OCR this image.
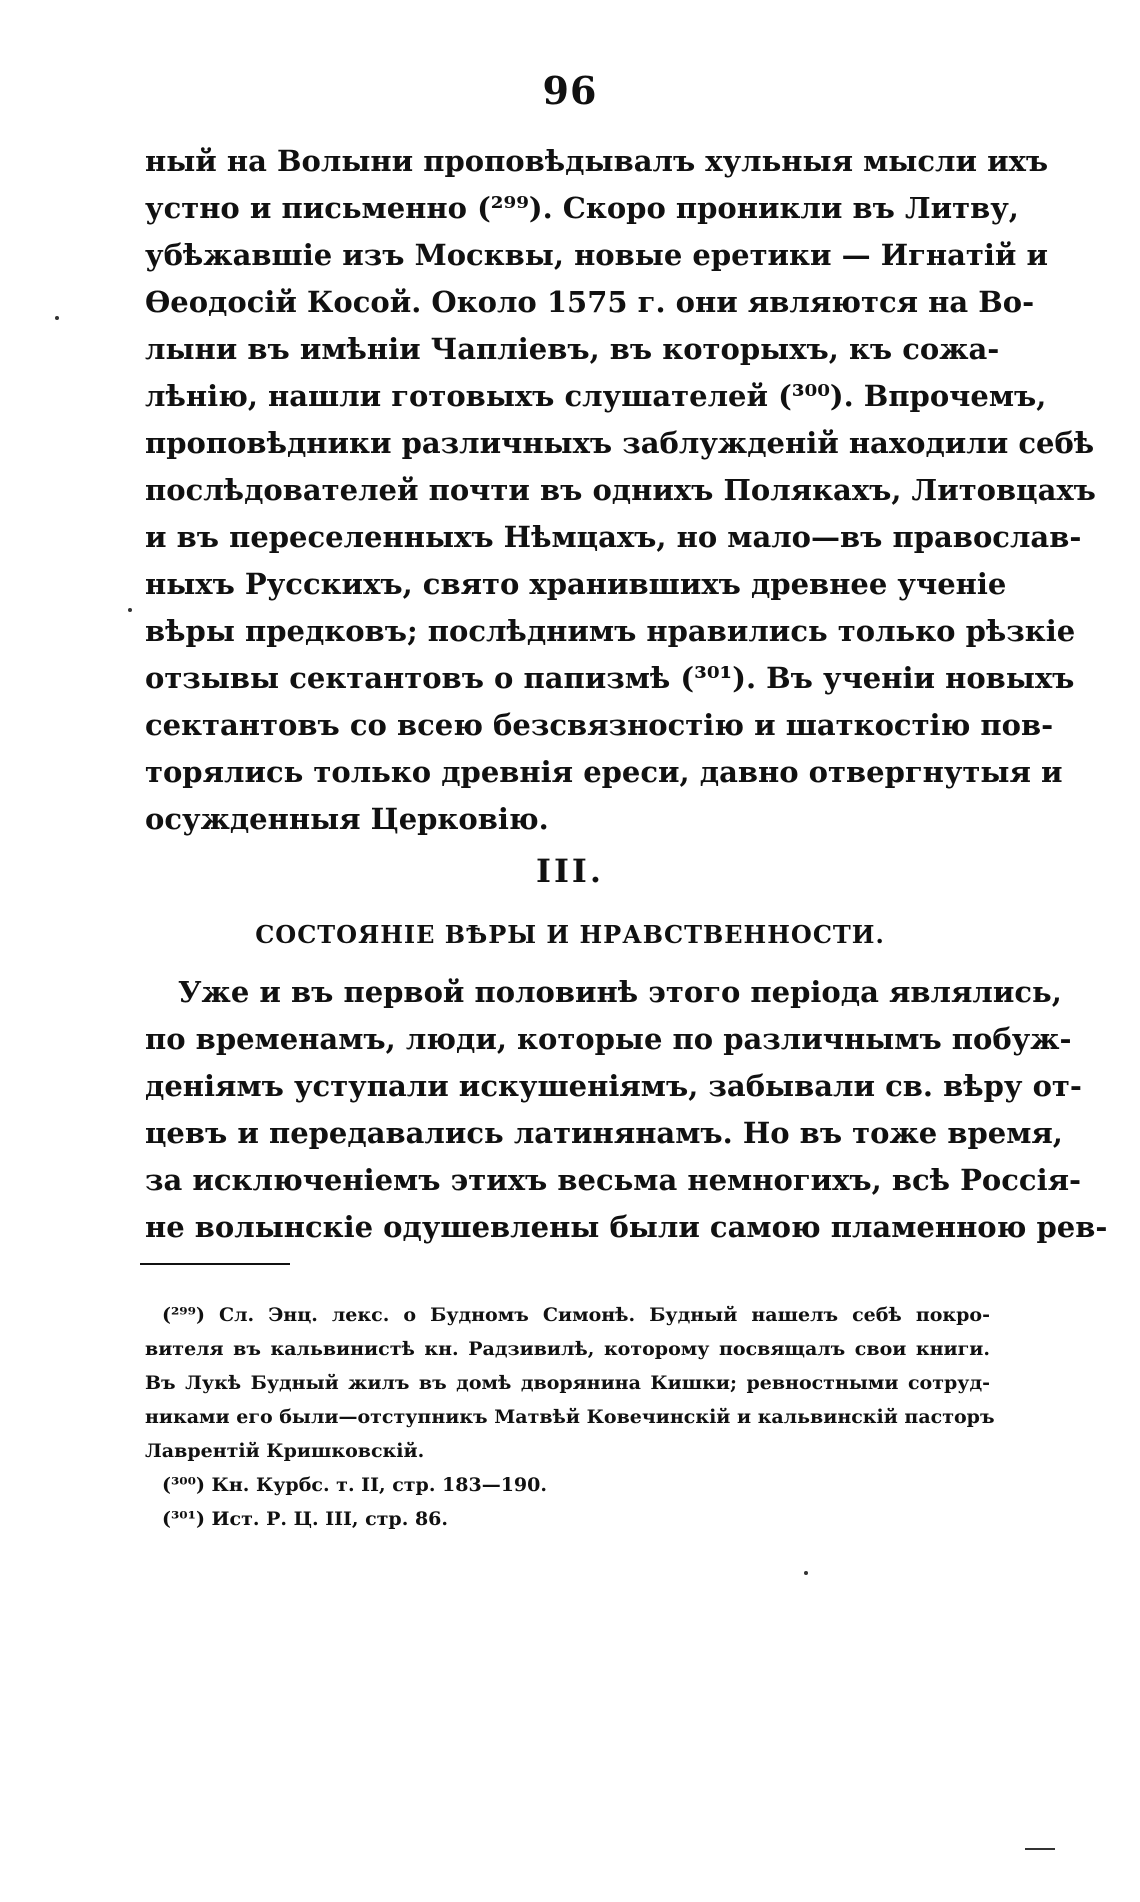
96
ный на Волыни проповѣдывалъ хульныя мысли ихъ
устно и письменно (²⁹⁹). Скоро проникли въ Литву,
убѣжавшіе изъ Москвы, новые еретики — Игнатій и
Ѳеодосій Косой. Около 1575 г. они являются на Во-
лыни въ имѣніи Чаплiевъ, въ которыхъ, къ сожа-
лѣнію, нашли готовыхъ слушателей (³⁰⁰). Впрочемъ,
проповѣдники различныхъ заблужденій находили себѣ
послѣдователей почти въ однихъ Полякахъ, Литовцахъ
и въ переселенныхъ Нѣмцахъ, но мало—въ православ-
ныхъ Русскихъ, свято хранившихъ древнее ученіе
вѣры предковъ; послѣднимъ нравились только рѣзкіе
отзывы сектантовъ о папизмѣ (³⁰¹). Въ ученіи новыхъ
сектантовъ со всею безсвязностію и шаткостію пов-
торялись только древнія ереси, давно отвергнутыя и
осужденныя Церковію.
III.
СОСТОЯНІЕ ВѢРЫ И НРАВСТВЕННОСТИ.
Уже и въ первой половинѣ этого періода являлись,
по временамъ, люди, которые по различнымъ побуж-
деніямъ уступали искушеніямъ, забывали св. вѣру от-
цевъ и передавались латинянамъ. Но въ тоже время,
за исключеніемъ этихъ весьма немногихъ, всѣ Россія-
не волынскіе одушевлены были самою пламенною рев-
(²⁹⁹) Сл. Энц. лекс. о Будномъ Симонѣ. Будный нашелъ себѣ покро-
вителя въ кальвинистѣ кн. Радзивилѣ, которому посвящалъ свои книги.
Въ Лукѣ Будный жилъ въ домѣ дворянина Кишки; ревностными сотруд-
никами его были—отступникъ Матвѣй Ковечинскій и кальвинскій пасторъ
Лаврентій Кришковскій.
(³⁰⁰) Кн. Курбс. т. II, стр. 183—190.
(³⁰¹) Ист. Р. Ц. III, стр. 86.
